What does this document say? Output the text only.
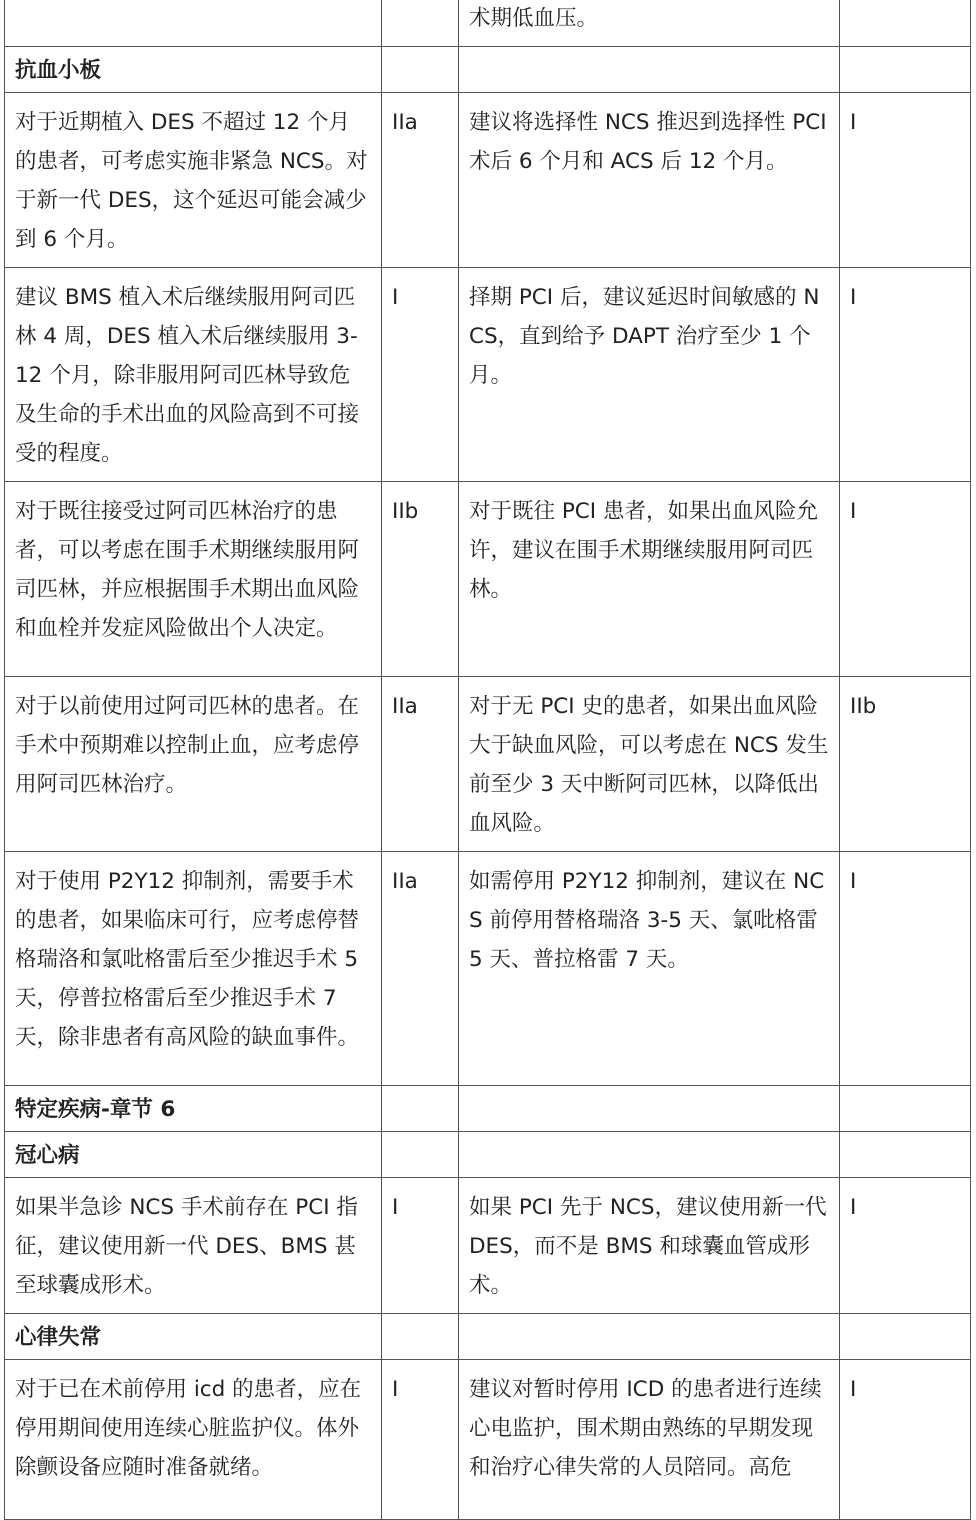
		术期低血压。	
抗血小板			
对于近期植入 DES 不超过 12 个月的患者，可考虑实施非紧急 NCS。对于新一代 DES，这个延迟可能会减少到 6 个月。	IIa	建议将选择性 NCS 推迟到选择性 PCI 术后 6 个月和 ACS 后 12 个月。	I
建议 BMS 植入术后继续服用阿司匹林 4 周，DES 植入术后继续服用 3-12 个月，除非服用阿司匹林导致危及生命的手术出血的风险高到不可接受的程度。	I	择期 PCI 后，建议延迟时间敏感的 NCS，直到给予 DAPT 治疗至少 1 个月。	I
对于既往接受过阿司匹林治疗的患者，可以考虑在围手术期继续服用阿司匹林，并应根据围手术期出血风险和血栓并发症风险做出个人决定。	IIb	对于既往 PCI 患者，如果出血风险允许，建议在围手术期继续服用阿司匹林。	I
对于以前使用过阿司匹林的患者。在手术中预期难以控制止血，应考虑停用阿司匹林治疗。	IIa	对于无 PCI 史的患者，如果出血风险大于缺血风险，可以考虑在 NCS 发生前至少 3 天中断阿司匹林，以降低出血风险。	IIb
对于使用 P2Y12 抑制剂，需要手术的患者，如果临床可行，应考虑停替格瑞洛和氯吡格雷后至少推迟手术 5 天，停普拉格雷后至少推迟手术 7 天，除非患者有高风险的缺血事件。	IIa	如需停用 P2Y12 抑制剂，建议在 NCS 前停用替格瑞洛 3-5 天、氯吡格雷 5 天、普拉格雷 7 天。	I
特定疾病-章节 6			
冠心病			
如果半急诊 NCS 手术前存在 PCI 指征，建议使用新一代 DES、BMS 甚至球囊成形术。	I	如果 PCI 先于 NCS，建议使用新一代 DES，而不是 BMS 和球囊血管成形术。	I
心律失常			
对于已在术前停用 icd 的患者，应在停用期间使用连续心脏监护仪。体外除颤设备应随时准备就绪。	I	建议对暂时停用 ICD 的患者进行连续心电监护，围术期由熟练的早期发现和治疗心律失常的人员陪同。高危	I
